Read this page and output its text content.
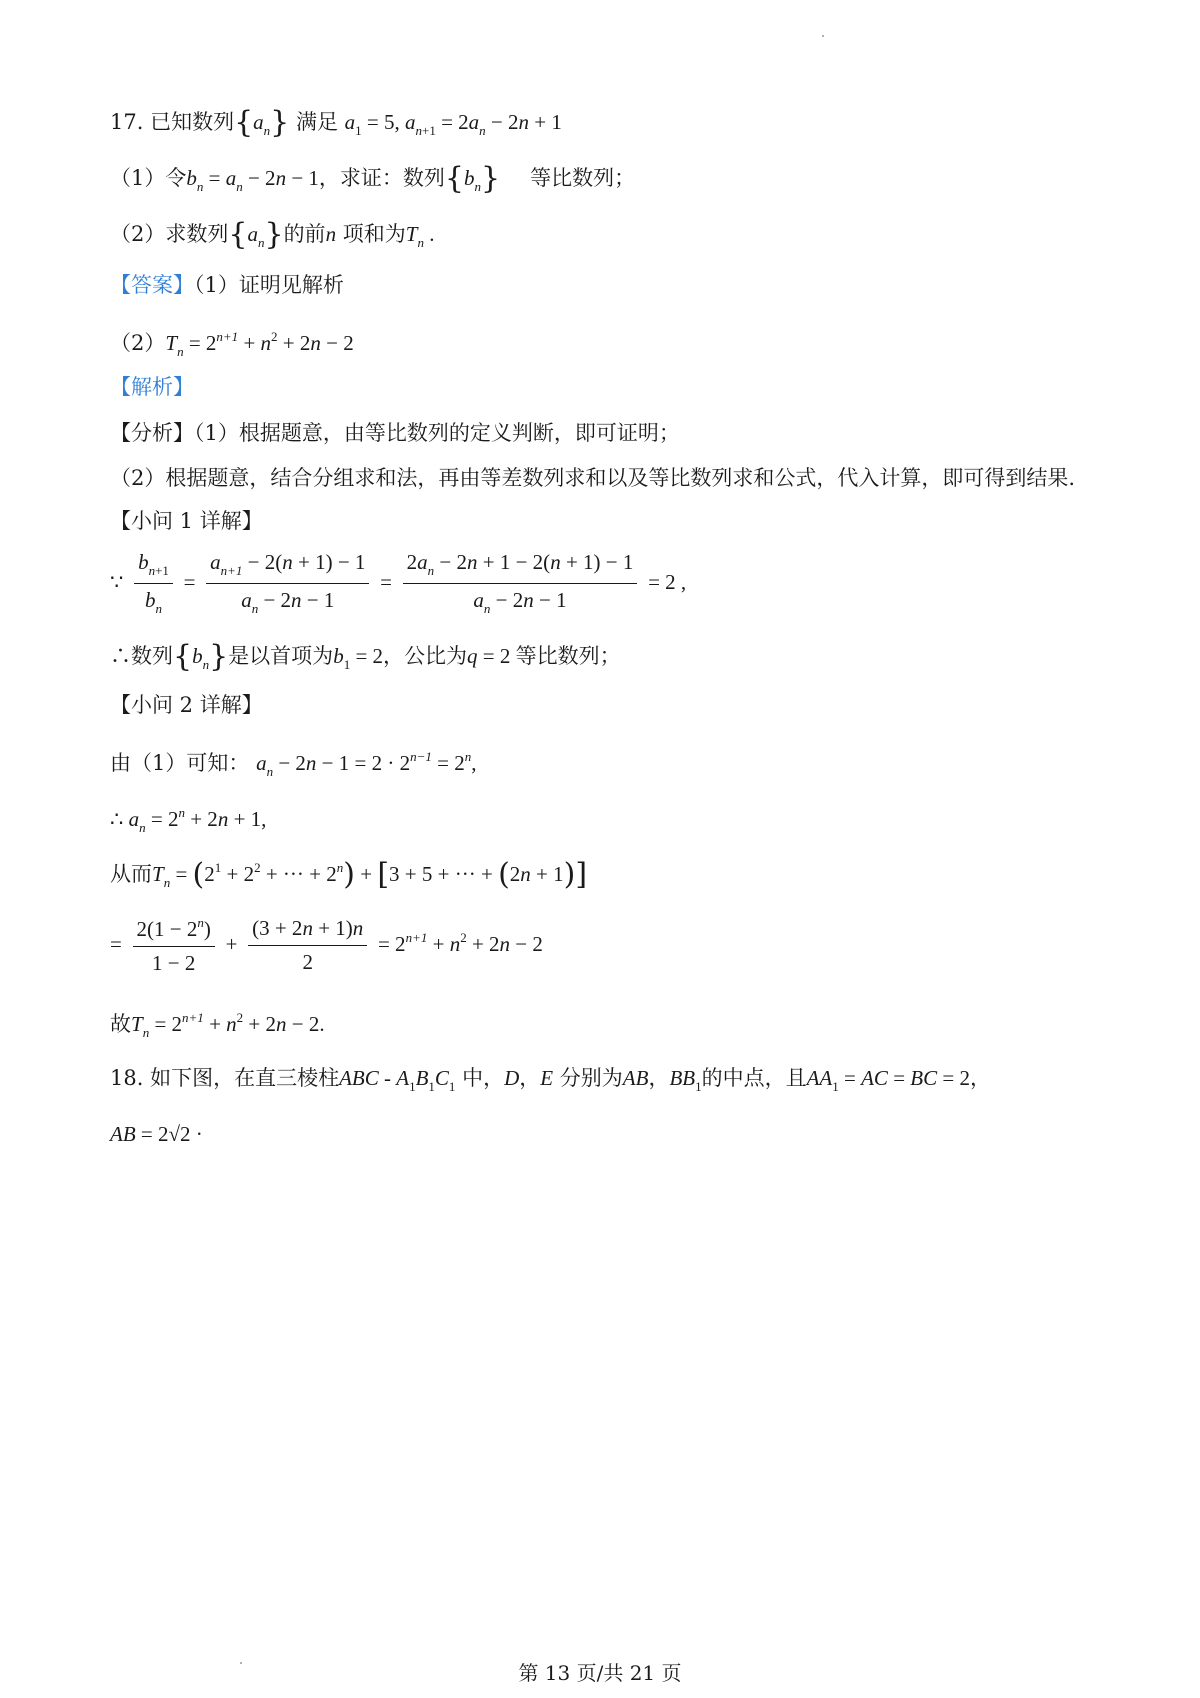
17. 已知数列$\{a_n\}$ 满足 $a_1 = 5$, $a_{n+1} = 2a_n - 2n + 1$
（1）令$b_n = a_n - 2n - 1$，求证：数列$\{b_n\}$ 等比数列；
（2）求数列$\{a_n\}$的前n 项和为$T_n$ .
【答案】（1）证明见解析
$(2)T_n = 2^{n+1} + n^2 + 2n - 2$
【解析】
【分析】（1）根据题意，由等比数列的定义判断，即可证明；
（2）根据题意，结合分组求和法，再由等差数列求和以及等比数列求和公式，代入计算，即可得到结果.
【小问 1 详解】
∵ $\frac{b_{n+1}}{b_n} = \frac{a_{n+1} - 2(n + 1) - 1}{a_n - 2n - 1} = \frac{2a_n - 2n + 1 - 2(n + 1) - 1}{a_n - 2n - 1} = 2$ ,
∴数列$\{b_n\}$是以首项为$b_1 = 2$，公比为q = 2 等比数列；
【小问 2 详解】
由（1）可知： $a_n - 2n - 1 = 2 \cdot 2^{n-1} = 2^n$,
∴ $a_n = 2^n + 2n + 1$,
从而$T_n = (2^1 + 2^2$ + ··· + $2^n) + [3 + 5$ + ··· + (2n + 1)]
= $\frac{2(1 - 2^n)}{1 - 2} + \frac{(3 + 2n + 1)n}{2} = 2^{n+1} + n^2 + 2n - 2$
故$T_n = 2^{n+1} + n^2 + 2n - 2$.
18. 如下图，在直三棱柱ABC - $A_1B_1C_1$ 中，D，E 分别为AB，$BB_1$的中点，且$AA_1$ = AC = BC = 2，
AB = 2√2 ·
第 13 页/共 21 页
